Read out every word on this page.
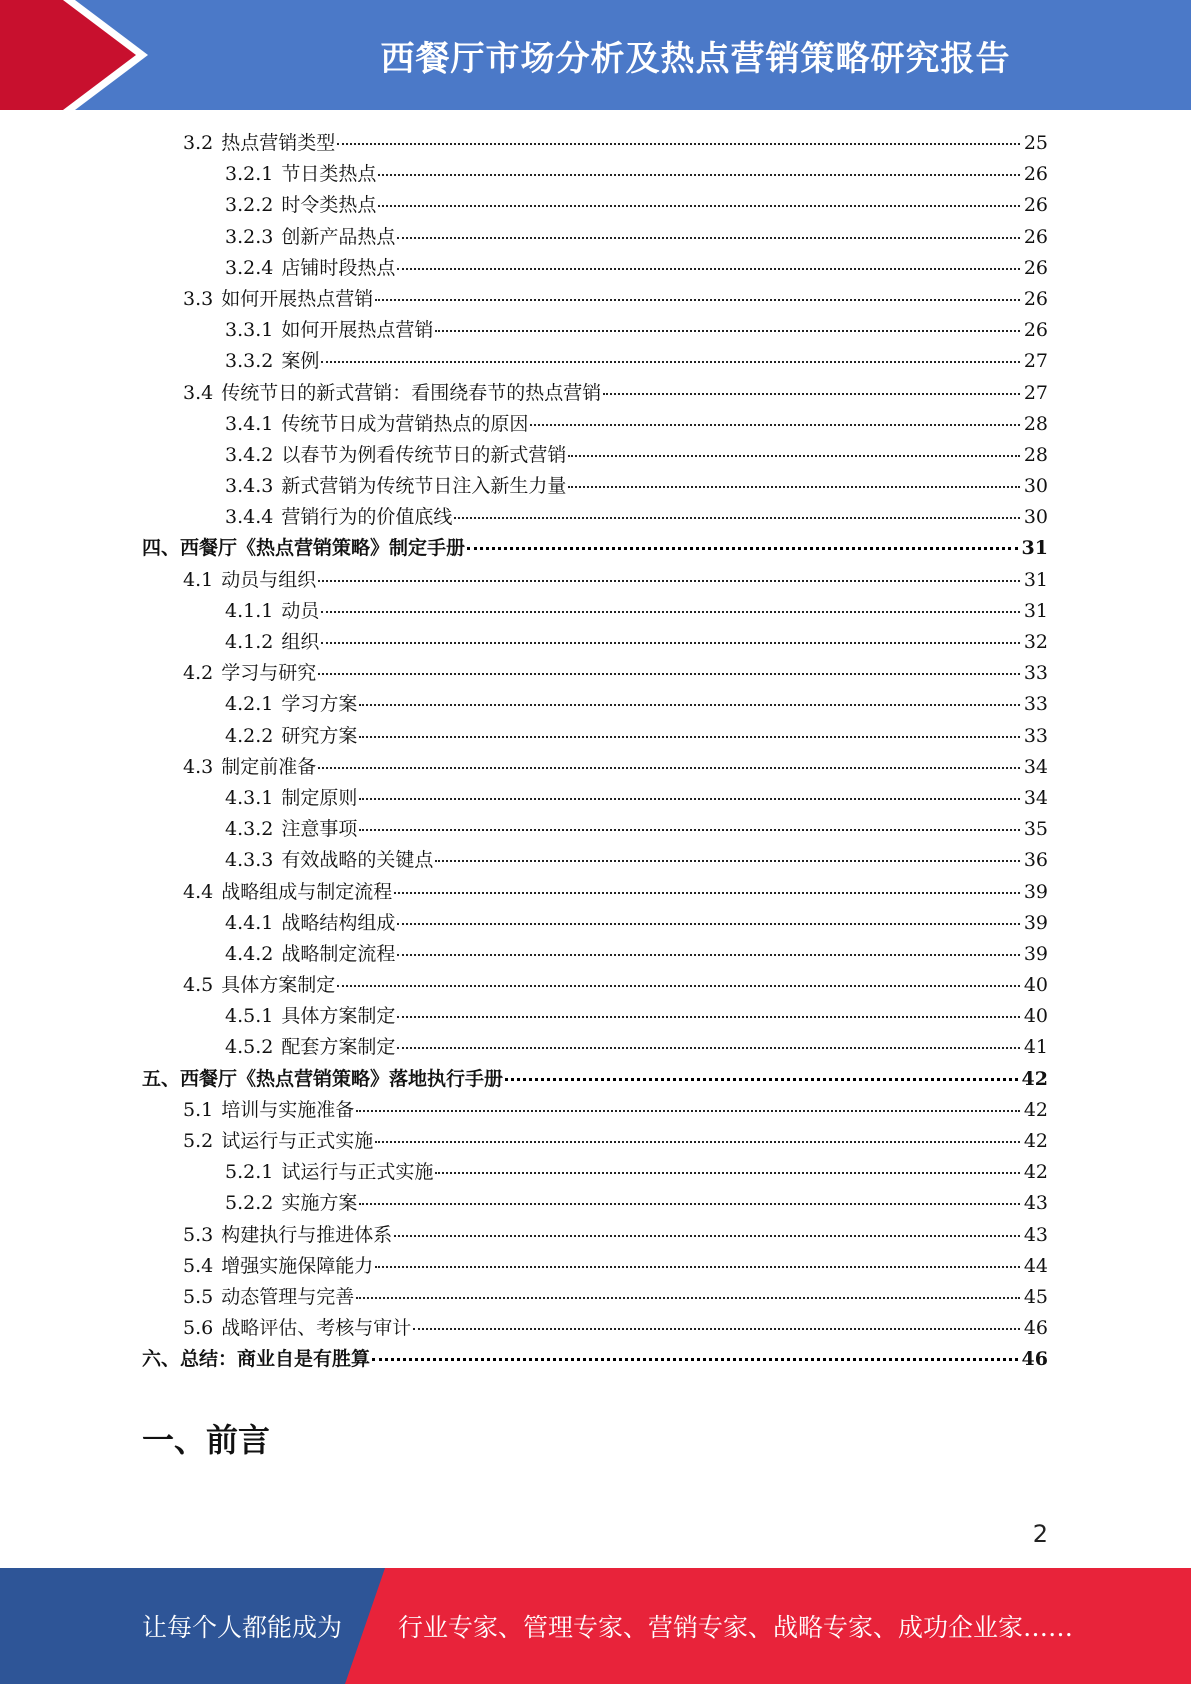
西餐厅市场分析及热点营销策略研究报告
3.2 热点营销类型	25
3.2.1 节日类热点	26
3.2.2 时令类热点	26
3.2.3 创新产品热点	26
3.2.4 店铺时段热点	26
3.3 如何开展热点营销	26
3.3.1 如何开展热点营销	26
3.3.2 案例	27
3.4 传统节日的新式营销：看围绕春节的热点营销	27
3.4.1 传统节日成为营销热点的原因	28
3.4.2 以春节为例看传统节日的新式营销	28
3.4.3 新式营销为传统节日注入新生力量	30
3.4.4 营销行为的价值底线	30
四、西餐厅《热点营销策略》制定手册	31
4.1 动员与组织	31
4.1.1 动员	31
4.1.2 组织	32
4.2 学习与研究	33
4.2.1 学习方案	33
4.2.2 研究方案	33
4.3 制定前准备	34
4.3.1 制定原则	34
4.3.2 注意事项	35
4.3.3 有效战略的关键点	36
4.4 战略组成与制定流程	39
4.4.1 战略结构组成	39
4.4.2 战略制定流程	39
4.5 具体方案制定	40
4.5.1 具体方案制定	40
4.5.2 配套方案制定	41
五、西餐厅《热点营销策略》落地执行手册	42
5.1 培训与实施准备	42
5.2 试运行与正式实施	42
5.2.1 试运行与正式实施	42
5.2.2 实施方案	43
5.3 构建执行与推进体系	43
5.4 增强实施保障能力	44
5.5 动态管理与完善	45
5.6 战略评估、考核与审计	46
六、总结：商业自是有胜算	46
一、前言
2
让每个人都能成为 行业专家、管理专家、营销专家、战略专家、成功企业家……
